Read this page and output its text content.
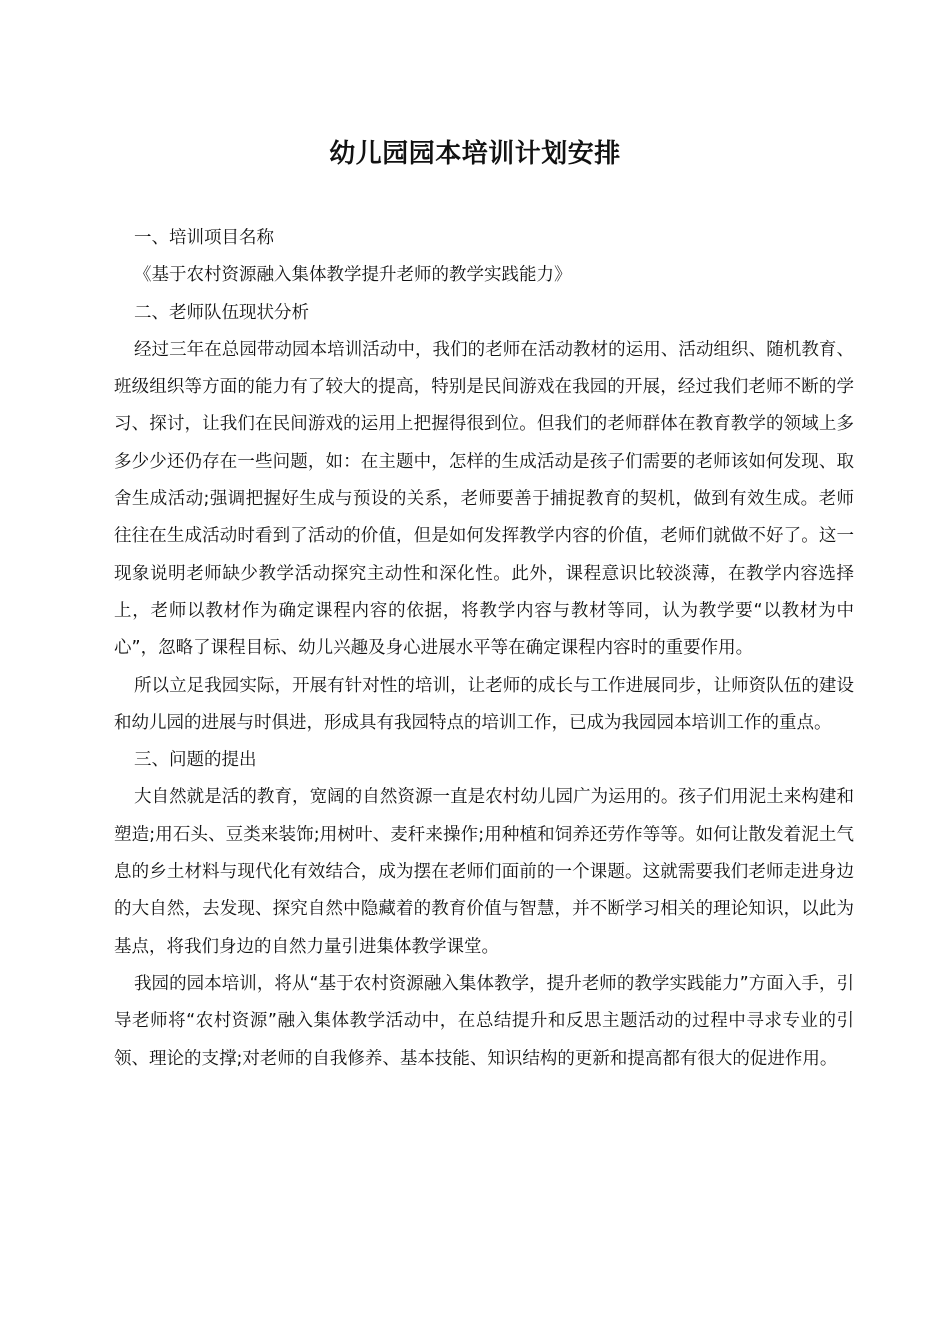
幼儿园园本培训计划安排

一、培训项目名称

《基于农村资源融入集体教学提升老师的教学实践能力》

二、老师队伍现状分析

经过三年在总园带动园本培训活动中，我们的老师在活动教材的运用、活动组织、随机教育、班级组织等方面的能力有了较大的提高，特别是民间游戏在我园的开展，经过我们老师不断的学习、探讨，让我们在民间游戏的运用上把握得很到位。但我们的老师群体在教育教学的领域上多多少少还仍存在一些问题，如：在主题中，怎样的生成活动是孩子们需要的老师该如何发现、取舍生成活动;强调把握好生成与预设的关系，老师要善于捕捉教育的契机，做到有效生成。老师往往在生成活动时看到了活动的价值，但是如何发挥教学内容的价值，老师们就做不好了。这一现象说明老师缺少教学活动探究主动性和深化性。此外，课程意识比较淡薄，在教学内容选择上，老师以教材作为确定课程内容的依据，将教学内容与教材等同，认为教学要“以教材为中心”，忽略了课程目标、幼儿兴趣及身心进展水平等在确定课程内容时的重要作用。

所以立足我园实际，开展有针对性的培训，让老师的成长与工作进展同步，让师资队伍的建设和幼儿园的进展与时俱进，形成具有我园特点的培训工作，已成为我园园本培训工作的重点。

三、问题的提出

大自然就是活的教育，宽阔的自然资源一直是农村幼儿园广为运用的。孩子们用泥土来构建和塑造;用石头、豆类来装饰;用树叶、麦秆来操作;用种植和饲养还劳作等等。如何让散发着泥土气息的乡土材料与现代化有效结合，成为摆在老师们面前的一个课题。这就需要我们老师走进身边的大自然，去发现、探究自然中隐藏着的教育价值与智慧，并不断学习相关的理论知识，以此为基点，将我们身边的自然力量引进集体教学课堂。

我园的园本培训，将从“基于农村资源融入集体教学，提升老师的教学实践能力”方面入手，引导老师将“农村资源”融入集体教学活动中，在总结提升和反思主题活动的过程中寻求专业的引领、理论的支撑;对老师的自我修养、基本技能、知识结构的更新和提高都有很大的促进作用。
